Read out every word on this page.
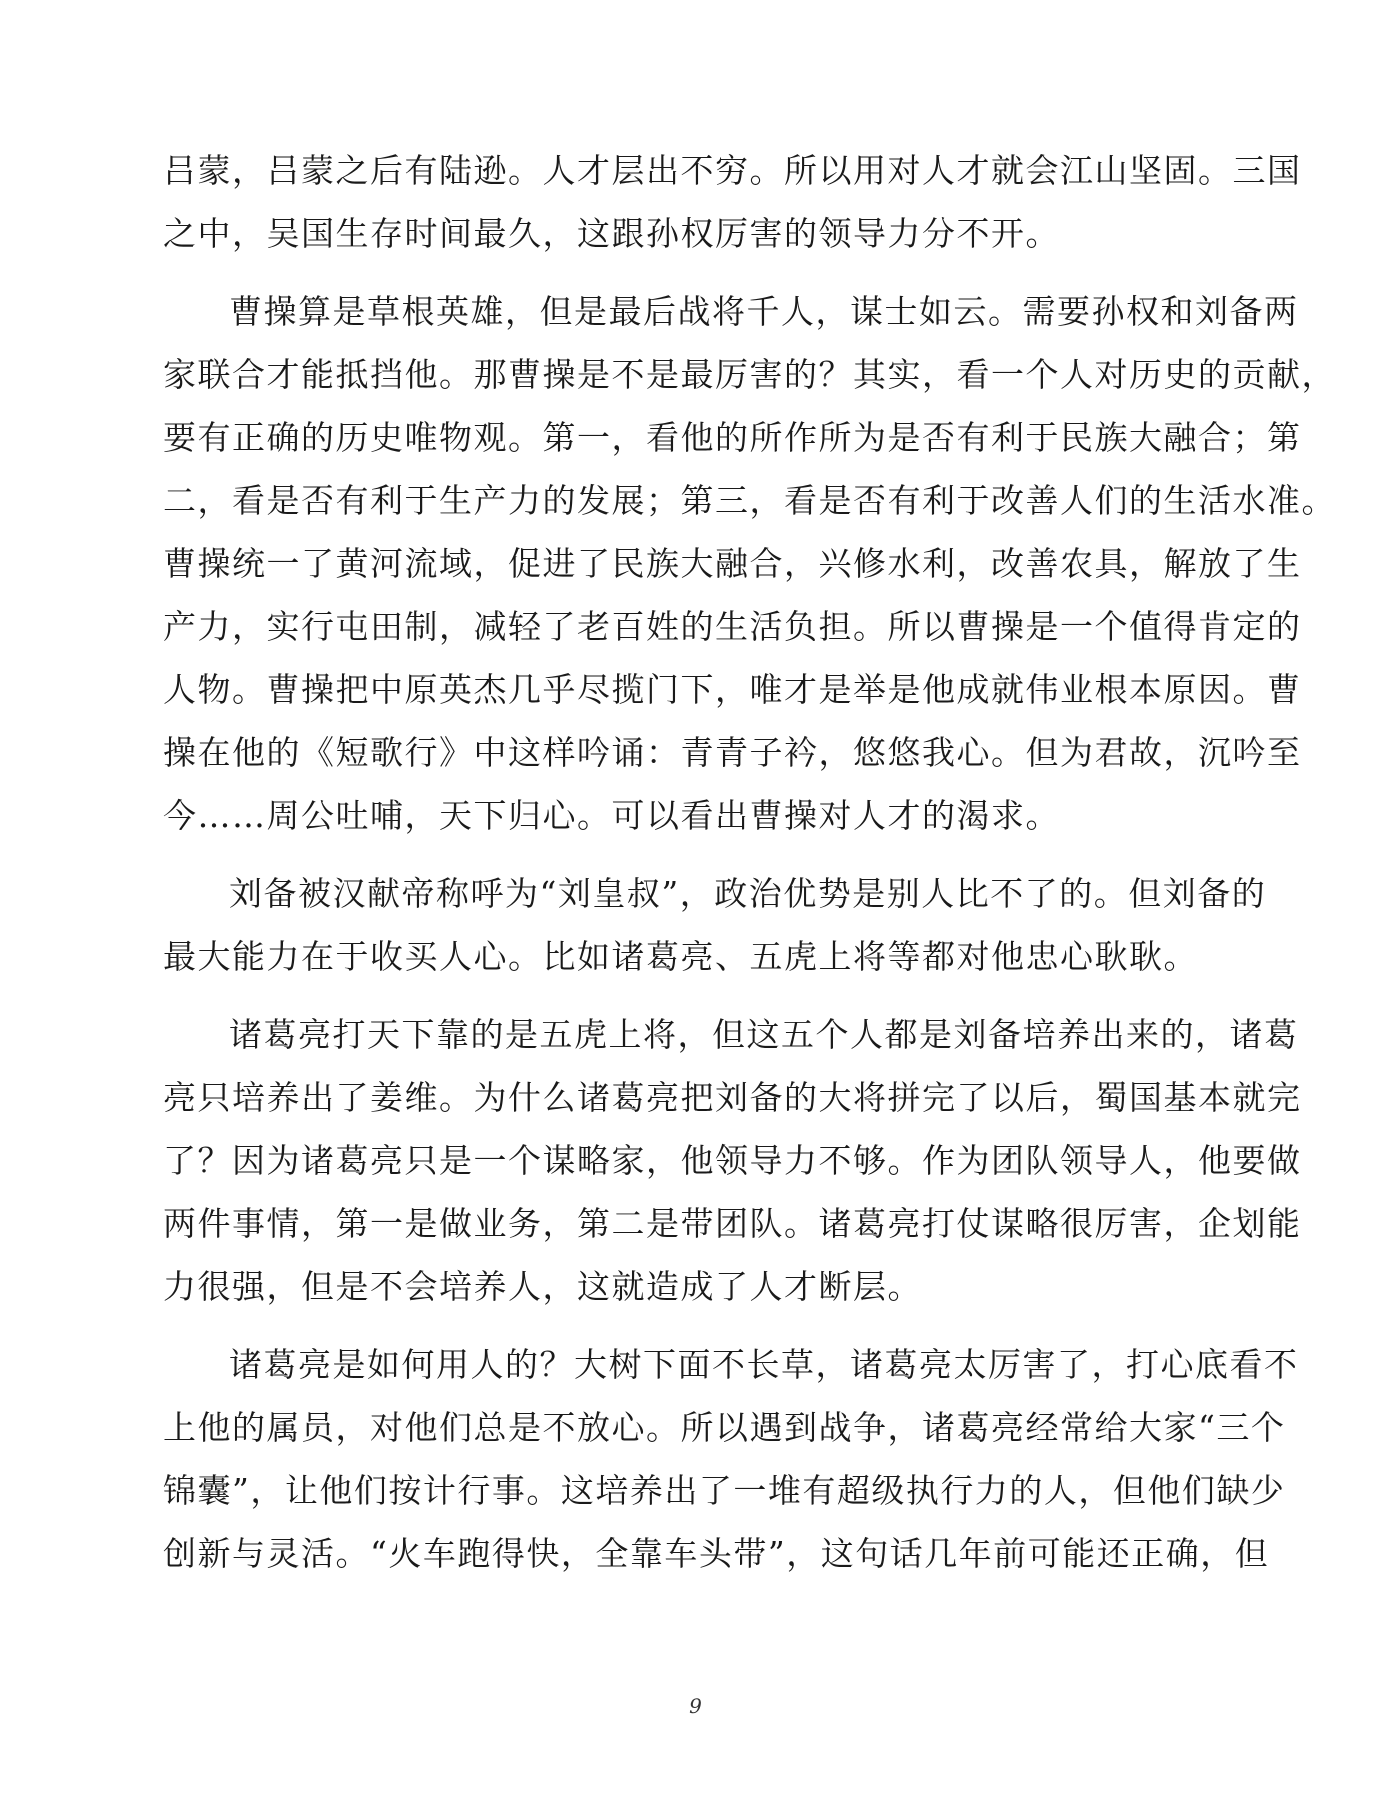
吕蒙，吕蒙之后有陆逊。人才层出不穷。所以用对人才就会江山坚固。三国
之中，吴国生存时间最久，这跟孙权厉害的领导力分不开。
曹操算是草根英雄，但是最后战将千人，谋士如云。需要孙权和刘备两
家联合才能抵挡他。那曹操是不是最厉害的？其实，看一个人对历史的贡献，
要有正确的历史唯物观。第一，看他的所作所为是否有利于民族大融合；第
二，看是否有利于生产力的发展；第三，看是否有利于改善人们的生活水准。
曹操统一了黄河流域，促进了民族大融合，兴修水利，改善农具，解放了生
产力，实行屯田制，减轻了老百姓的生活负担。所以曹操是一个值得肯定的
人物。曹操把中原英杰几乎尽揽门下，唯才是举是他成就伟业根本原因。曹
操在他的《短歌行》中这样吟诵：青青子衿，悠悠我心。但为君故，沉吟至
今……周公吐哺，天下归心。可以看出曹操对人才的渴求。
刘备被汉献帝称呼为“刘皇叔”，政治优势是别人比不了的。但刘备的
最大能力在于收买人心。比如诸葛亮、五虎上将等都对他忠心耿耿。
诸葛亮打天下靠的是五虎上将，但这五个人都是刘备培养出来的，诸葛
亮只培养出了姜维。为什么诸葛亮把刘备的大将拼完了以后，蜀国基本就完
了？因为诸葛亮只是一个谋略家，他领导力不够。作为团队领导人，他要做
两件事情，第一是做业务，第二是带团队。诸葛亮打仗谋略很厉害，企划能
力很强，但是不会培养人，这就造成了人才断层。
诸葛亮是如何用人的？大树下面不长草，诸葛亮太厉害了，打心底看不
上他的属员，对他们总是不放心。所以遇到战争，诸葛亮经常给大家“三个
锦囊”，让他们按计行事。这培养出了一堆有超级执行力的人，但他们缺少
创新与灵活。“火车跑得快，全靠车头带”，这句话几年前可能还正确，但
9
